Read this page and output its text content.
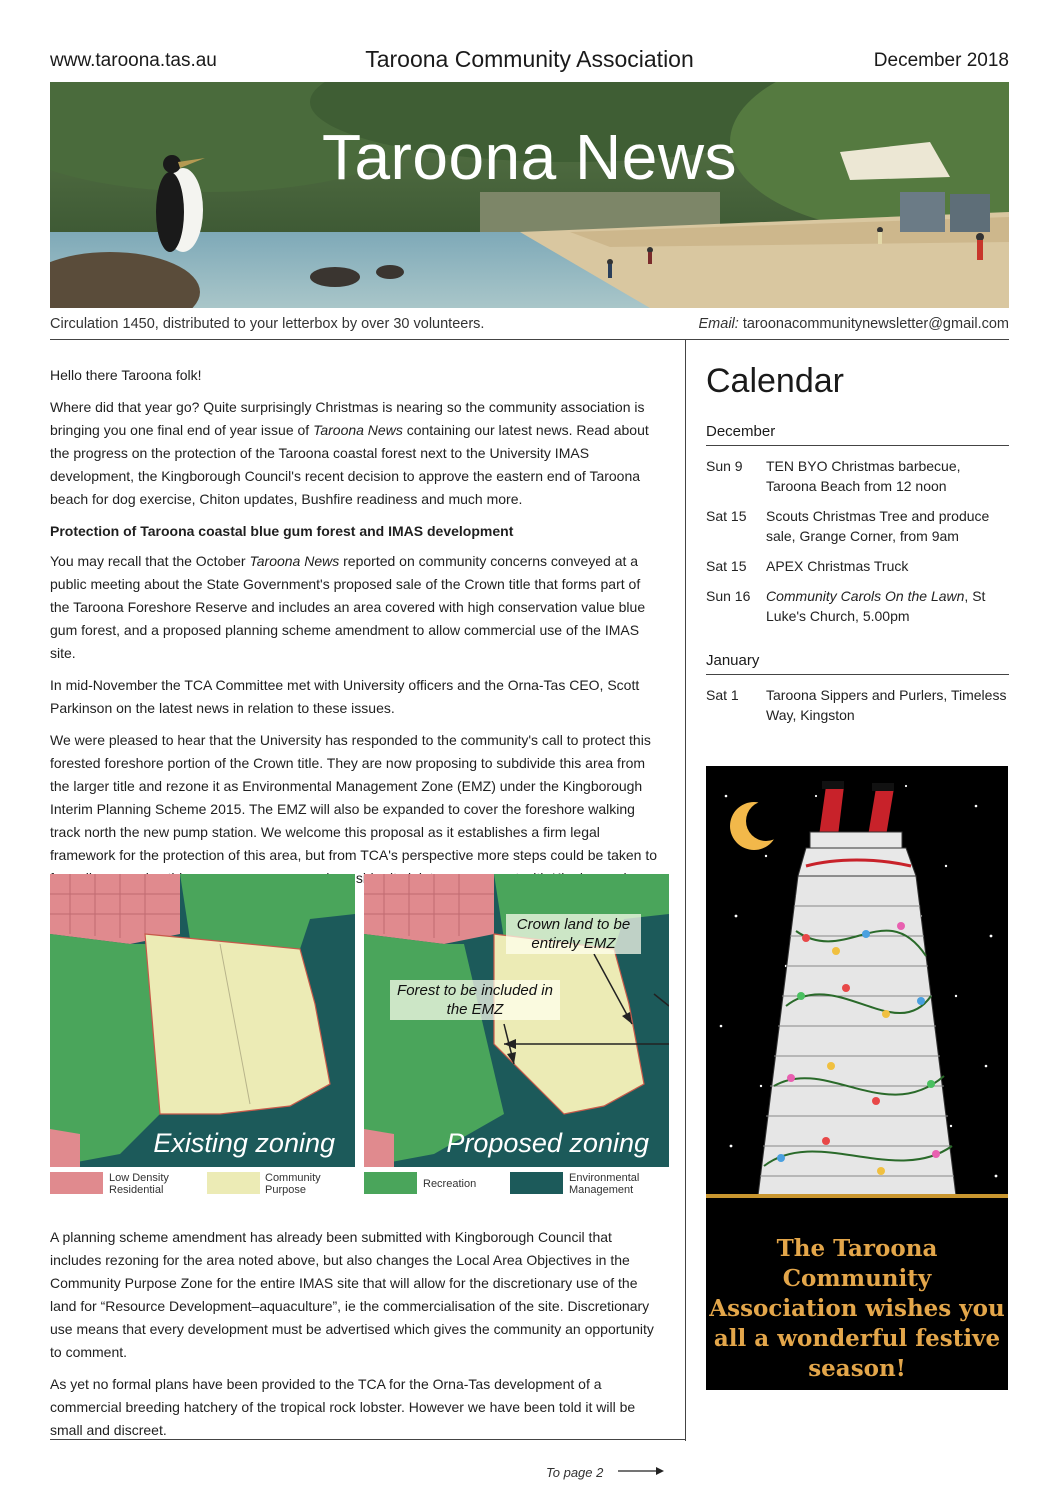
www.taroona.tas.au	Taroona Community Association	December 2018
Taroona News
Circulation 1450, distributed to your letterbox by over 30 volunteers.	Email: taroonacommunitynewsletter@gmail.com

Hello there Taroona folk!

Where did that year go? Quite surprisingly Christmas is nearing so the community association is bringing you one final end of year issue of Taroona News containing our latest news. Read about the progress on the protection of the Taroona coastal forest next to the University IMAS development, the Kingborough Council's recent decision to approve the eastern end of Taroona beach for dog exercise, Chiton updates, Bushfire readiness and much more.

Protection of Taroona coastal blue gum forest and IMAS development

You may recall that the October Taroona News reported on community concerns conveyed at a public meeting about the State Government's proposed sale of the Crown title that forms part of the Taroona Foreshore Reserve and includes an area covered with high conservation value blue gum forest, and a proposed planning scheme amendment to allow commercial use of the IMAS site.

In mid-November the TCA Committee met with University officers and the Orna-Tas CEO, Scott Parkinson on the latest news in relation to these issues.

We were pleased to hear that the University has responded to the community's call to protect this forested foreshore portion of the Crown title. They are now proposing to subdivide this area from the larger title and rezone it as Environmental Management Zone (EMZ) under the Kingborough Interim Planning Scheme 2015. The EMZ will also be expanded to cover the foreshore walking track north the new pump station. We welcome this proposal as it establishes a firm legal framework for the protection of this area, but from TCA's perspective more steps could be taken to consider

Existing zoning
Crown land to be entirely EMZ
Forest to be included in the EMZ
Proposed zoning
Low Density Residential
Community Purpose	Recreation	Environmental Management

A planning scheme amendment has already been submitted with Kingborough Council that includes rezoning for the area noted above, but also changes the Local Area Objectives in the Community Purpose Zone for the entire IMAS site that will allow for the discretionary use of the land for “Resource Development–aquaculture”, ie the commercialisation of the site. Discretionary use means that every development must be advertised which gives the community an opportunity to comment.

As yet no formal plans have been provided to the TCA for the Orna-Tas development of a commercial breeding hatchery of the tropical rock lobster. However we have been told it will be small and discreet.

To page 2
Calendar
December
Sun 9 TEN BYO Christmas barbecue, Taroona Beach from 12 noon
Sat 15 Scouts Christmas Tree and produce sale, Grange Corner, from 9am
Sat 15 APEX Christmas Truck
Sun 16 Community Carols On the Lawn, St Luke's Church, 5.00pm
January
Sat 1 Taroona Sippers and Purlers, Timeless Way, Kingston
The Taroona Community Association wishes you all a wonderful festive season!
